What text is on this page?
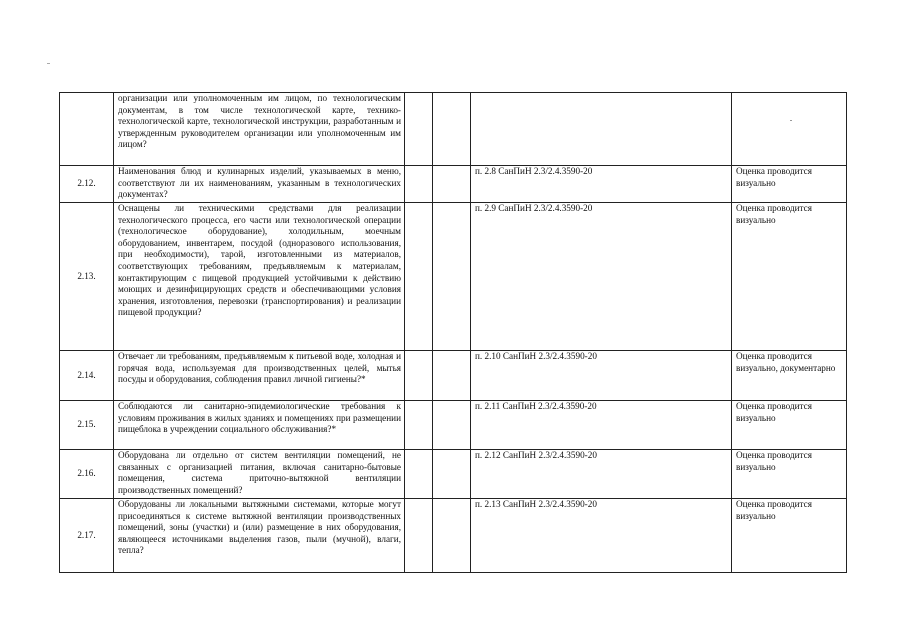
	организации или уполномоченным им лицом, по технологическим документам, в том числе технологической карте, технико-технологической карте, технологической инструкции, разработанным и утвержденным руководителем организации или уполномоченным им лицом?				
2.12.	Наименования блюд и кулинарных изделий, указываемых в меню, соответствуют ли их наименованиям, указанным в технологических документах?			п. 2.8 СанПиН 2.3/2.4.3590-20	Оценка проводится визуально
2.13.	Оснащены ли техническими средствами для реализации технологического процесса, его части или технологической операции (технологическое оборудование), холодильным, моечным оборудованием, инвентарем, посудой (одноразового использования, при необходимости), тарой, изготовленными из материалов, соответствующих требованиям, предъявляемым к материалам, контактирующим с пищевой продукцией устойчивыми к действию моющих и дезинфицирующих средств и обеспечивающими условия хранения, изготовления, перевозки (транспортирования) и реализации пищевой продукции?			п. 2.9 СанПиН 2.3/2.4.3590-20	Оценка проводится визуально
2.14.	Отвечает ли требованиям, предъявляемым к питьевой воде, холодная и горячая вода, используемая для производственных целей, мытья посуды и оборудования, соблюдения правил личной гигиены?*			п. 2.10 СанПиН 2.3/2.4.3590-20	Оценка проводится визуально, документарно
2.15.	Соблюдаются ли санитарно-эпидемиологические требования к условиям проживания в жилых зданиях и помещениях при размещении пищеблока в учреждении социального обслуживания?*			п. 2.11 СанПиН 2.3/2.4.3590-20	Оценка проводится визуально
2.16.	Оборудована ли отдельно от систем вентиляции помещений, не связанных с организацией питания, включая санитарно-бытовые помещения, система приточно-вытяжной вентиляции производственных помещений?			п. 2.12 СанПиН 2.3/2.4.3590-20	Оценка проводится визуально
2.17.	Оборудованы ли локальными вытяжными системами, которые могут присоединяться к системе вытяжной вентиляции производственных помещений, зоны (участки) и (или) размещение в них оборудования, являющееся источниками выделения газов, пыли (мучной), влаги, тепла?			п. 2.13 СанПиН 2.3/2.4.3590-20	Оценка проводится визуально
